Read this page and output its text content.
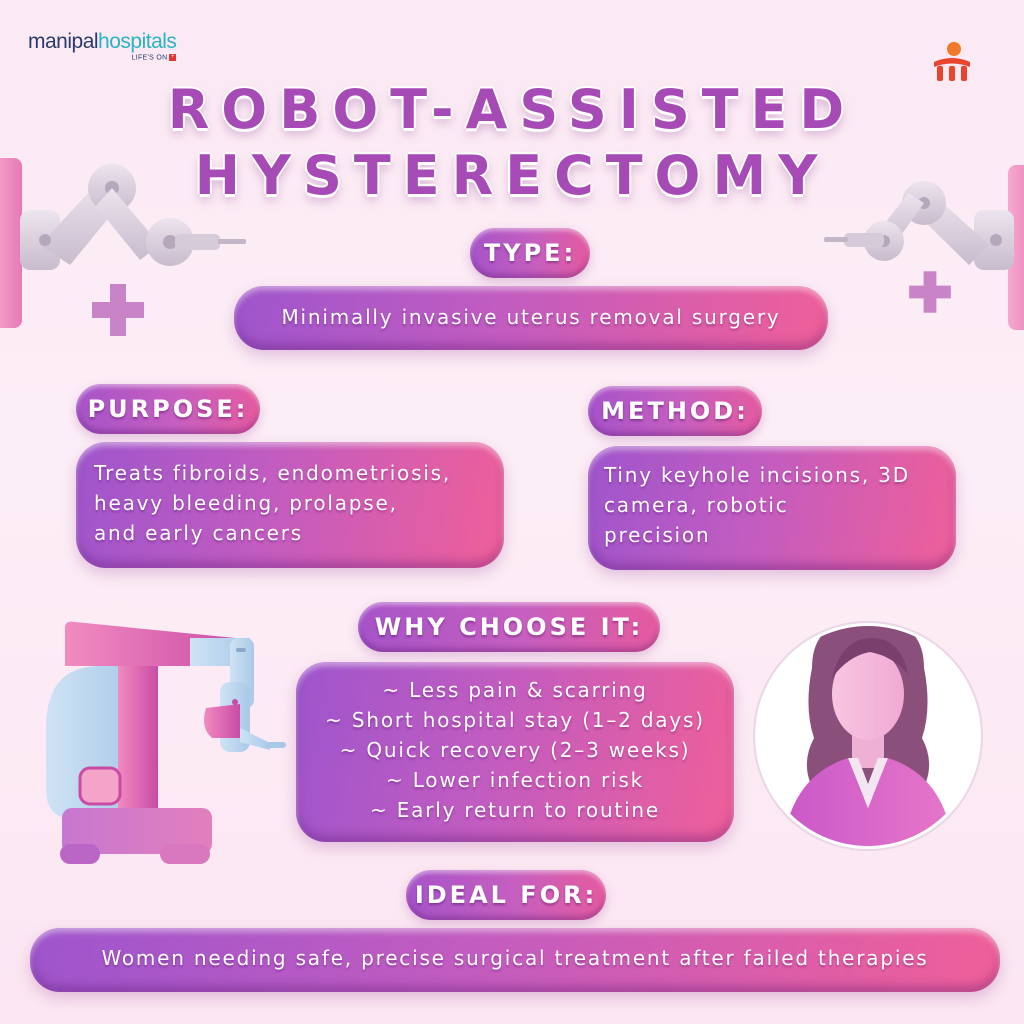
manipalhospitals
LIFE'S ON +
ROBOT-ASSISTED
HYSTERECTOMY
TYPE:
Minimally invasive uterus removal surgery
PURPOSE:
Treats fibroids, endometriosis,
heavy bleeding, prolapse,
and early cancers
METHOD:
Tiny keyhole incisions, 3D
camera, robotic
precision
WHY CHOOSE IT:
~ Less pain & scarring
~ Short hospital stay (1–2 days)
~ Quick recovery (2–3 weeks)
~ Lower infection risk
~ Early return to routine
IDEAL FOR:
Women needing safe, precise surgical treatment after failed therapies
